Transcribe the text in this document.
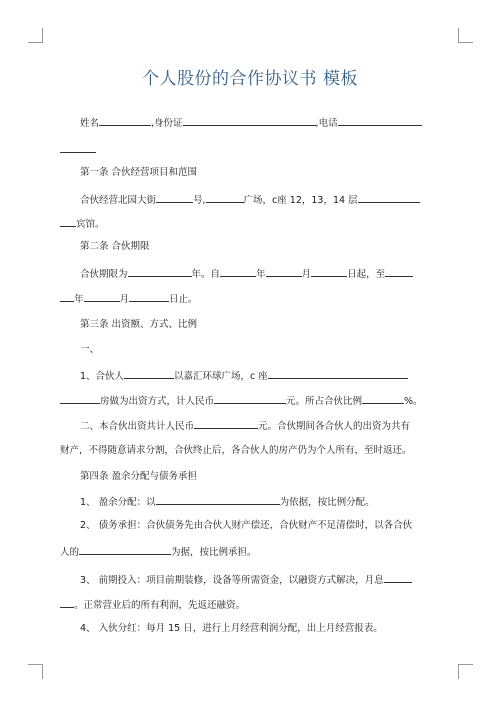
个人股份的合作协议书 模板
姓名	,身份证	,电话
第一条 合伙经营项目和范围
合伙经营北园大街	号,	广场，c座 12，13，14 层
宾馆。
第二条 合伙期限
合伙期限为	年。自	年	月	日起，至
年	月	日止。
第三条 出资额、方式、比例
一、
1、合伙人	以嘉汇环球广场，c 座
房做为出资方式，计人民币	元。所占合伙比例	%。
二、本合伙出资共计人民币	元。合伙期间各合伙人的出资为共有
财产，不得随意请求分割，合伙终止后，各合伙人的房产仍为个人所有，至时返还。
第四条 盈余分配与债务承担
1、 盈余分配：以	为依据，按比例分配。
2、 债务承担：合伙债务先由合伙人财产偿还，合伙财产不足清偿时，以各合伙
人的	为据，按比例承担。
3、 前期投入：项目前期装修，设备等所需资金，以融资方式解决，月息
。正常营业后的所有利润，先返还融资。
4、 入伙分红：每月 15 日，进行上月经营利润分配，出上月经营报表。
